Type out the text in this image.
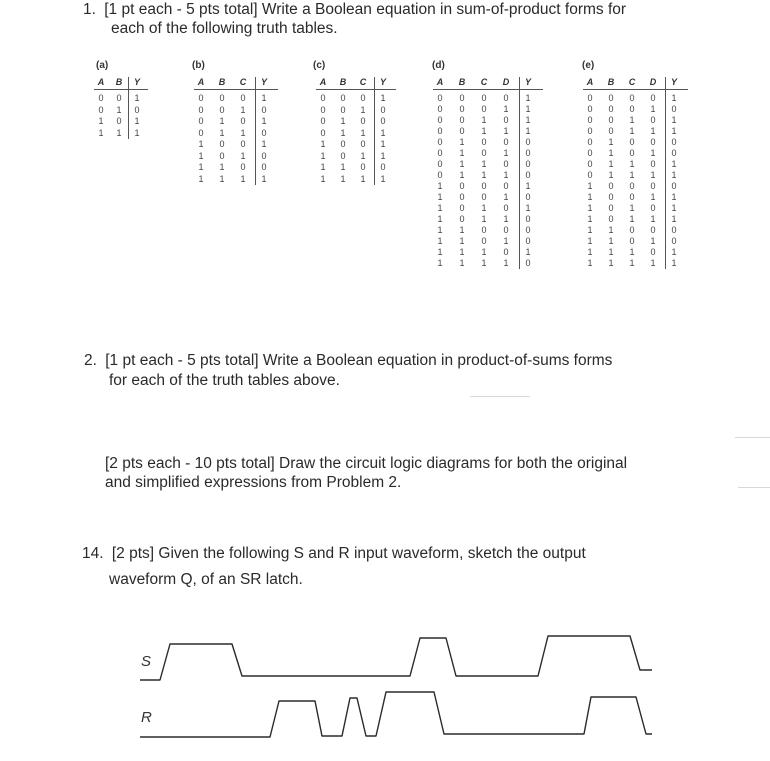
1. [1 pt each - 5 pts total] Write a Boolean equation in sum-of-product forms for

each of the following truth tables.

(a)
A	B	Y
0	0	1
0	1	0
1	0	1
1	1	1
(b)
A	B	C	Y
0	0	0	1
0	0	1	0
0	1	0	1
0	1	1	0
1	0	0	1
1	0	1	0
1	1	0	0
1	1	1	1
(c)
A	B	C	Y
0	0	0	1
0	0	1	0
0	1	0	0
0	1	1	1
1	0	0	1
1	0	1	1
1	1	0	0
1	1	1	1
(d)
A	B	C	D	Y
0	0	0	0	1
0	0	0	1	1
0	0	1	0	1
0	0	1	1	1
0	1	0	0	0
0	1	0	1	0
0	1	1	0	0
0	1	1	1	0
1	0	0	0	1
1	0	0	1	0
1	0	1	0	1
1	0	1	1	0
1	1	0	0	0
1	1	0	1	0
1	1	1	0	1
1	1	1	1	0
(e)
A	B	C	D	Y
0	0	0	0	1
0	0	0	1	0
0	0	1	0	1
0	0	1	1	1
0	1	0	0	0
0	1	0	1	0
0	1	1	0	1
0	1	1	1	1
1	0	0	0	0
1	0	0	1	1
1	0	1	0	1
1	0	1	1	1
1	1	0	0	0
1	1	0	1	0
1	1	1	0	1
1	1	1	1	1

2. [1 pt each - 5 pts total] Write a Boolean equation in product-of-sums forms

for each of the truth tables above.

[2 pts each - 10 pts total] Draw the circuit logic diagrams for both the original

and simplified expressions from Problem 2.

14. [2 pts] Given the following S and R input waveform, sketch the output

waveform Q, of an SR latch.

S
R
